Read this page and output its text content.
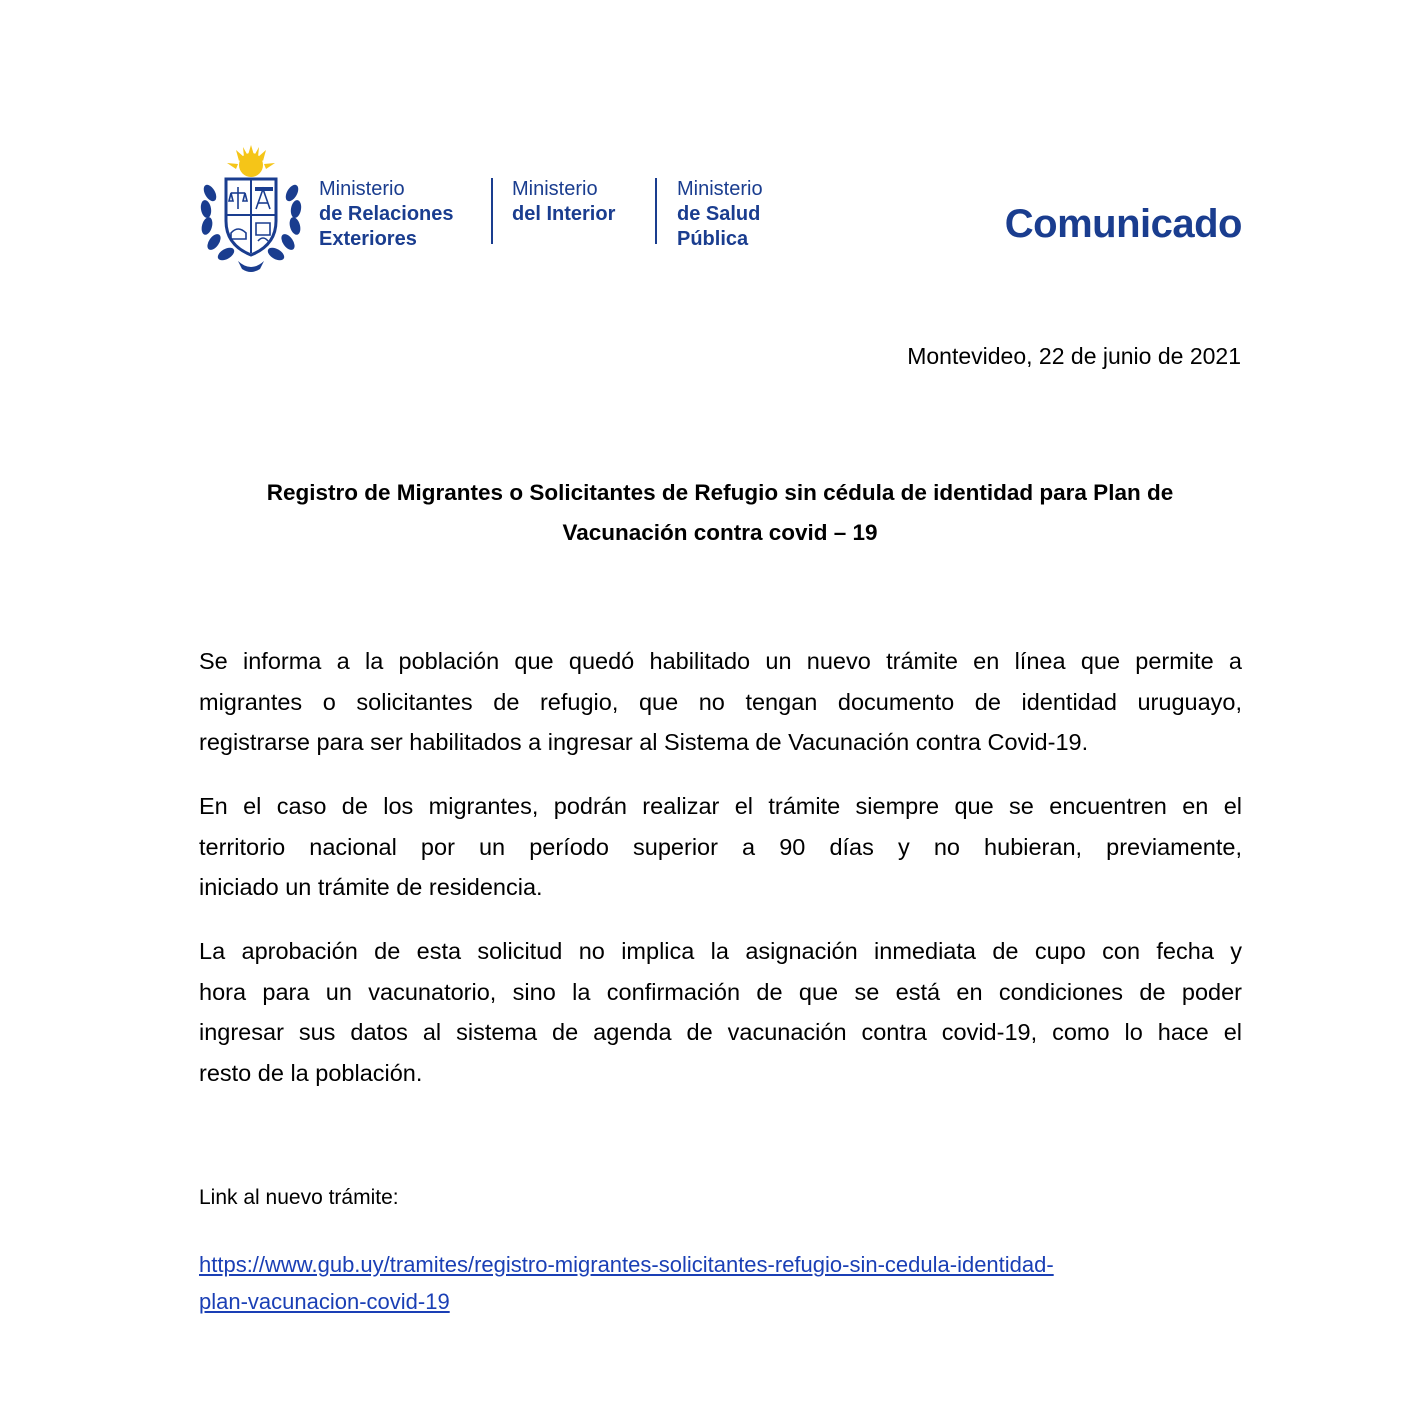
Ministerio
de Relaciones
Exteriores
Ministerio
del Interior
Ministerio
de Salud
Pública	Comunicado
Montevideo, 22 de junio de 2021
Registro de Migrantes o Solicitantes de Refugio sin cédula de identidad para Plan de
Vacunación contra covid – 19
Se informa a la población que quedó habilitado un nuevo trámite en línea que permite a
migrantes o solicitantes de refugio, que no tengan documento de identidad uruguayo,
registrarse para ser habilitados a ingresar al Sistema de Vacunación contra Covid-19.
En el caso de los migrantes, podrán realizar el trámite siempre que se encuentren en el
territorio nacional por un período superior a 90 días y no hubieran, previamente,
iniciado un trámite de residencia.
La aprobación de esta solicitud no implica la asignación inmediata de cupo con fecha y
hora para un vacunatorio, sino la confirmación de que se está en condiciones de poder
ingresar sus datos al sistema de agenda de vacunación contra covid-19, como lo hace el
resto de la población.
Link al nuevo trámite:
https://www.gub.uy/tramites/registro-migrantes-solicitantes-refugio-sin-cedula-identidad-
plan-vacunacion-covid-19
